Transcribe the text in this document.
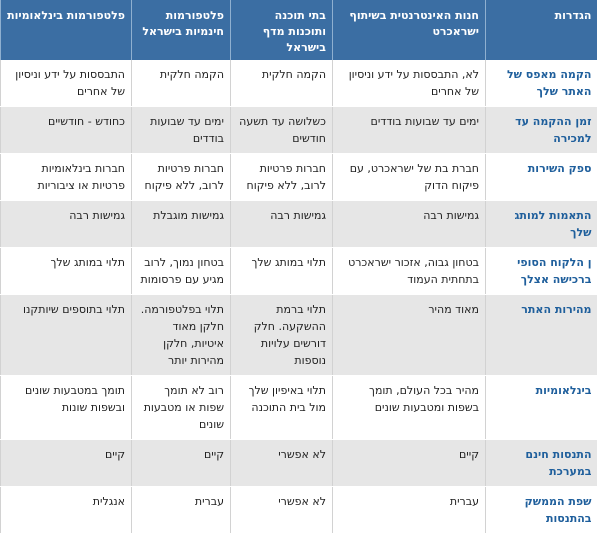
הגדרות	חנות האינטרנטית בשיתוף ישראכרט	בתי תוכנה ותוכנות מדף בישראל	פלטפורמות חינמיות בישראל	פלטפורמות בינלאומיות
הקמה מאפס של האתר שלך	לא, התבססות על ידע וניסיון של אחרים	הקמה חלקית	הקמה חלקית	התבססות על ידע וניסיון של אחרים
זמן ההקמה עד למכירה	ימים עד שבועות בודדים	כשלושה עד תשעה חודשים	ימים עד שבועות בודדים	כחודש - חודשיים
ספק השירות	חברת בת של ישראכרט, עם פיקוח הדוק	חברות פרטיות לרוב, ללא פיקוח	חברות פרטיות לרוב, ללא פיקוח	חברות בינלאומיות פרטיות או ציבוריות
התאמות למותג שלך	גמישות רבה	גמישות רבה	גמישות מוגבלת	גמישות רבה
ן הלקוח הסופי ברכישה אצלך	בטחון גבוה, אזכור ישראכרט בתחתית העמוד	תלוי במותג שלך	בטחון נמוך, לרוב מגיע עם פרסומות	תלוי במותג שלך
מהירות האתר	מאוד מהיר	תלוי ברמת ההשקעה. חלק דורשים עלויות נוספות	תלוי בפלטפורמה. חלקן מאוד איטיות, חלקן מהירות יותר	תלוי בתוספים שיותקנו
בינלאומיות	מהיר בכל העולם, תומך בשפות ומטבעות שונים	תלוי באיפיון שלך מול בית התוכנה	רוב לא תומך שפות או מטבעות שונים	תומך במטבעות שונים ובשפות שונות
התנסות חינם במערכת	קיים	לא אפשרי	קיים	קיים
שפת הממשק בהתנסות	עברית	לא אפשרי	עברית	אנגלית
